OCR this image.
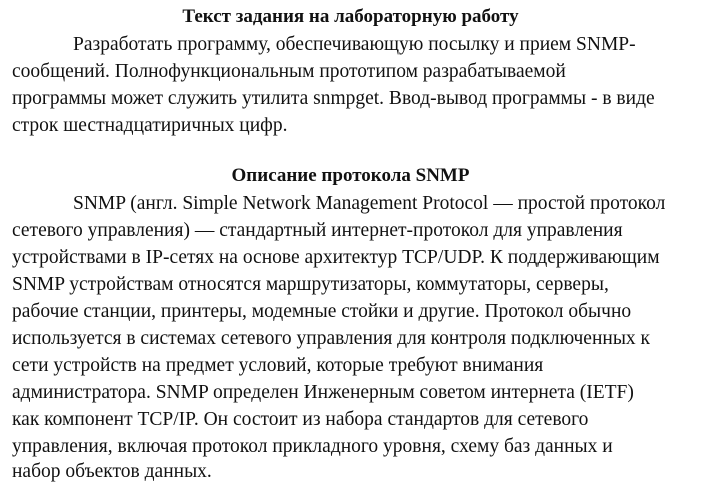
Текст задания на лабораторную работу
Разработать программу, обеспечивающую посылку и прием SNMP-
сообщений. Полнофункциональным прототипом разрабатываемой
программы может служить утилита snmpget. Ввод-вывод программы - в виде
строк шестнадцатиричных цифр.
Описание протокола SNMP
SNMP (англ. Simple Network Management Protocol — простой протокол
сетевого управления) — стандартный интернет-протокол для управления
устройствами в IP-сетях на основе архитектур TCP/UDP. К поддерживающим
SNMP устройствам относятся маршрутизаторы, коммутаторы, серверы,
рабочие станции, принтеры, модемные стойки и другие. Протокол обычно
используется в системах сетевого управления для контроля подключенных к
сети устройств на предмет условий, которые требуют внимания
администратора. SNMP определен Инженерным советом интернета (IETF)
как компонент TCP/IP. Он состоит из набора стандартов для сетевого
управления, включая протокол прикладного уровня, схему баз данных и
набор объектов данных.
